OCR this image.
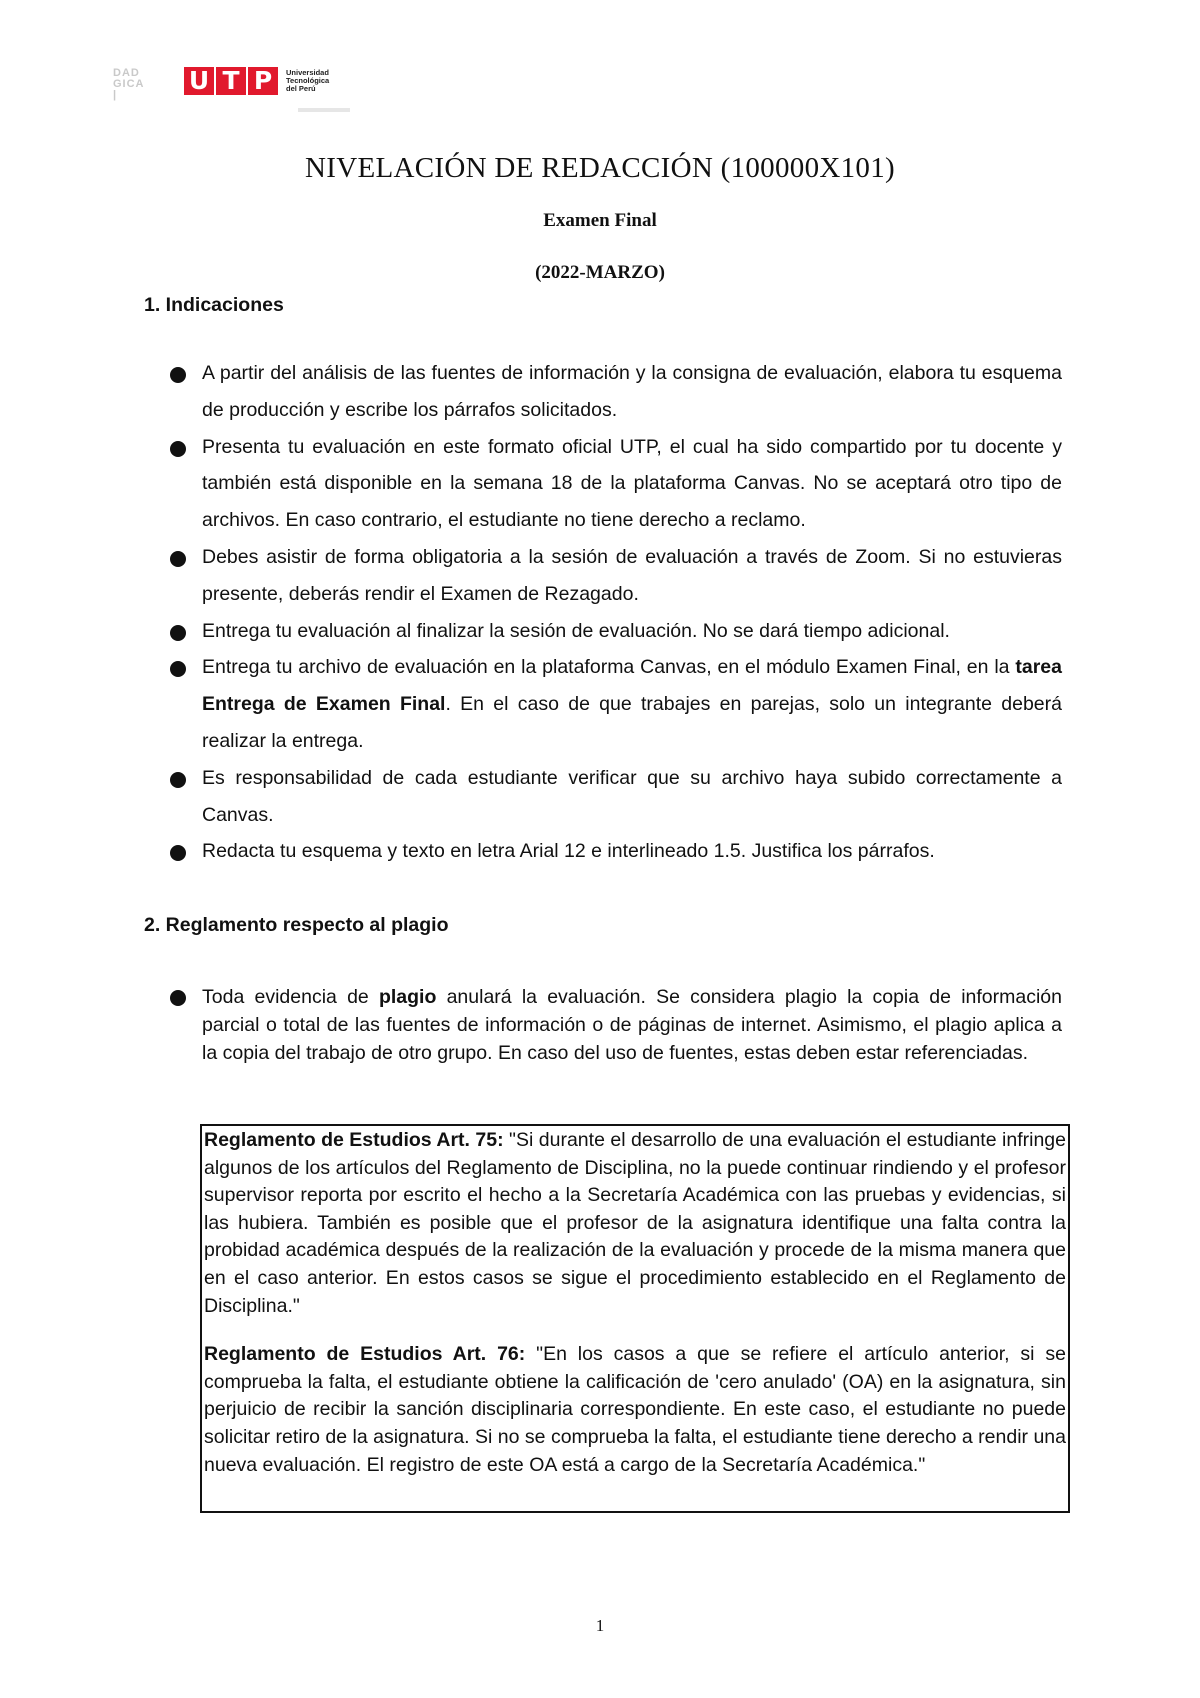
DAD
GICA
|	U T P	Universidad
Tecnológica
del Perú
NIVELACIÓN DE REDACCIÓN (100000X101)
Examen Final
(2022-MARZO)
1. Indicaciones
A partir del análisis de las fuentes de información y la consigna de evaluación, elabora tu esquema de producción y escribe los párrafos solicitados.
Presenta tu evaluación en este formato oficial UTP, el cual ha sido compartido por tu docente y también está disponible en la semana 18 de la plataforma Canvas. No se aceptará otro tipo de archivos. En caso contrario, el estudiante no tiene derecho a reclamo.
Debes asistir de forma obligatoria a la sesión de evaluación a través de Zoom. Si no estuvieras presente, deberás rendir el Examen de Rezagado.
Entrega tu evaluación al finalizar la sesión de evaluación. No se dará tiempo adicional.
Entrega tu archivo de evaluación en la plataforma Canvas, en el módulo Examen Final, en la tarea Entrega de Examen Final. En el caso de que trabajes en parejas, solo un integrante deberá realizar la entrega.
Es responsabilidad de cada estudiante verificar que su archivo haya subido correctamente a Canvas.
Redacta tu esquema y texto en letra Arial 12 e interlineado 1.5. Justifica los párrafos.
2. Reglamento respecto al plagio
Toda evidencia de plagio anulará la evaluación. Se considera plagio la copia de información parcial o total de las fuentes de información o de páginas de internet. Asimismo, el plagio aplica a la copia del trabajo de otro grupo. En caso del uso de fuentes, estas deben estar referenciadas.

Reglamento de Estudios Art. 75: "Si durante el desarrollo de una evaluación el estudiante infringe algunos de los artículos del Reglamento de Disciplina, no la puede continuar rindiendo y el profesor supervisor reporta por escrito el hecho a la Secretaría Académica con las pruebas y evidencias, si las hubiera. También es posible que el profesor de la asignatura identifique una falta contra la probidad académica después de la realización de la evaluación y procede de la misma manera que en el caso anterior. En estos casos se sigue el procedimiento establecido en el Reglamento de Disciplina."

Reglamento de Estudios Art. 76: "En los casos a que se refiere el artículo anterior, si se comprueba la falta, el estudiante obtiene la calificación de 'cero anulado' (OA) en la asignatura, sin perjuicio de recibir la sanción disciplinaria correspondiente. En este caso, el estudiante no puede solicitar retiro de la asignatura. Si no se comprueba la falta, el estudiante tiene derecho a rendir una nueva evaluación. El registro de este OA está a cargo de la Secretaría Académica."

1
